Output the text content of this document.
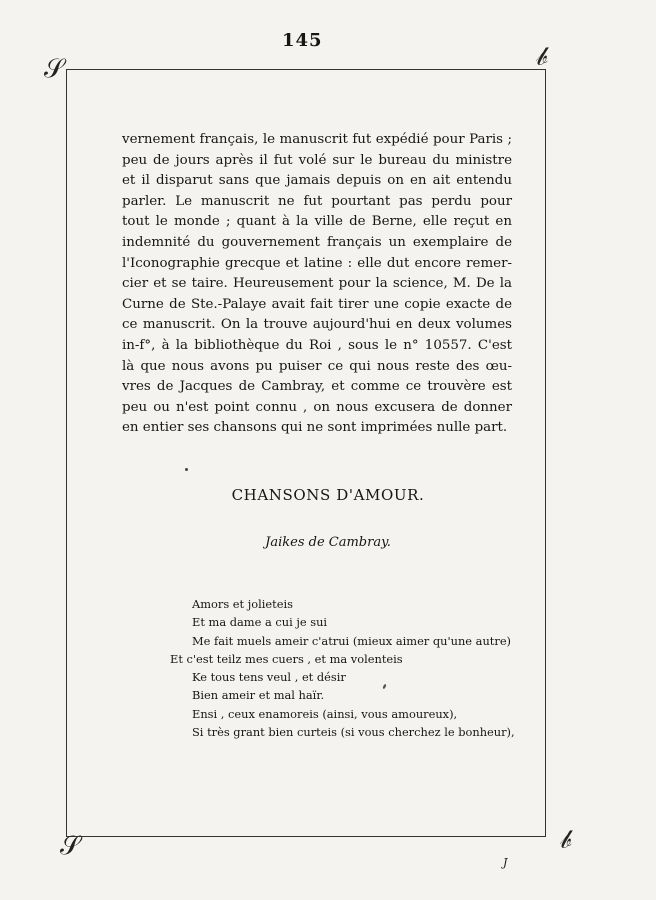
145
𝒮	𝒷
𝒮	𝒷
vernement français, le manuscrit fut expédié pour Paris ;
peu de jours après il fut volé sur le bureau du ministre
et il disparut sans que jamais depuis on en ait entendu
parler. Le manuscrit ne fut pourtant pas perdu pour
tout le monde ; quant à la ville de Berne, elle reçut en
indemnité du gouvernement français un exemplaire de
l'Iconographie grecque et latine : elle dut encore remer-
cier et se taire. Heureusement pour la science, M. De la
Curne de Ste.-Palaye avait fait tirer une copie exacte de
ce manuscrit. On la trouve aujourd'hui en deux volumes
in-f°, à la bibliothèque du Roi , sous le n° 10557. C'est
là que nous avons pu puiser ce qui nous reste des œu-
vres de Jacques de Cambray, et comme ce trouvère est
peu ou n'est point connu , on nous excusera de donner
en entier ses chansons qui ne sont imprimées nulle part.
CHANSONS D'AMOUR.
Jaikes de Cambray.
Amors et jolieteis
Et ma dame a cui je sui
Me fait muels ameir c'atrui (mieux aimer qu'une autre)
Et c'est teilz mes cuers , et ma volenteis
Ke tous tens veul , et désir
Bien ameir et mal haïr.
Ensi , ceux enamoreis (ainsi, vous amoureux),
Si très grant bien curteis (si vous cherchez le bonheur),
J
